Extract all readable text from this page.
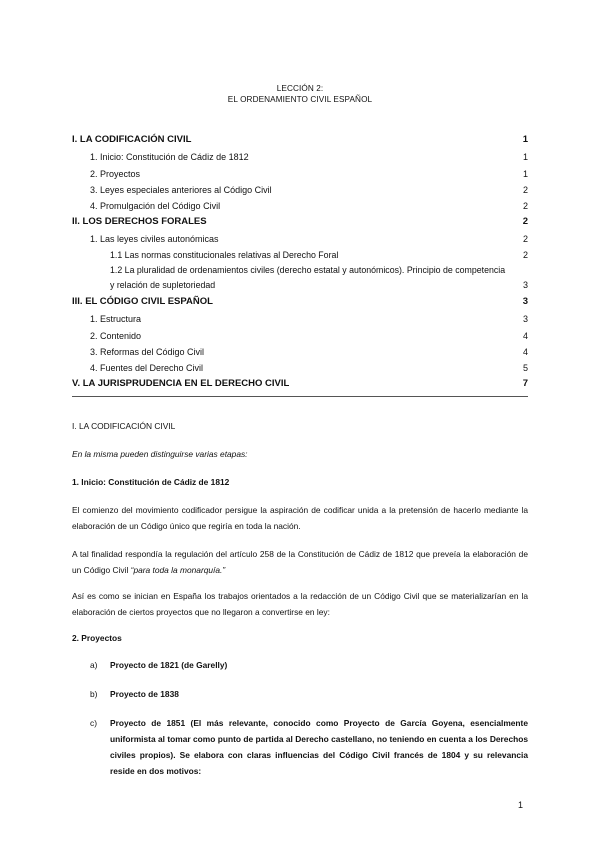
LECCIÓN 2:
EL ORDENAMIENTO CIVIL ESPAÑOL
I. LA CODIFICACIÓN CIVIL	1
1. Inicio: Constitución de Cádiz de 1812	1
2. Proyectos	1
3. Leyes especiales anteriores al Código Civil	2
4. Promulgación del Código Civil	2
II. LOS DERECHOS FORALES	2
1. Las leyes civiles autonómicas	2
1.1 Las normas constitucionales relativas al Derecho Foral	2
1.2 La pluralidad de ordenamientos civiles (derecho estatal y autonómicos). Principio de competencia y relación de supletoriedad	3
III. EL CÓDIGO CIVIL ESPAÑOL	3
1. Estructura	3
2. Contenido	4
3. Reformas del Código Civil	4
4. Fuentes del Derecho Civil	5
V. LA JURISPRUDENCIA EN EL DERECHO CIVIL	7
I. LA CODIFICACIÓN CIVIL
En la misma pueden distinguirse varias etapas:
1. Inicio: Constitución de Cádiz de 1812
El comienzo del movimiento codificador persigue la aspiración de codificar unida a la pretensión de hacerlo mediante la elaboración de un Código único que regiría en toda la nación.
A tal finalidad respondía la regulación del artículo 258 de la Constitución de Cádiz de 1812 que preveía la elaboración de un Código Civil “para toda la monarquía.”
Así es como se inician en España los trabajos orientados a la redacción de un Código Civil que se materializarían en la elaboración de ciertos proyectos que no llegaron a convertirse en ley:
2. Proyectos
a) Proyecto de 1821 (de Garelly)
b) Proyecto de 1838
c) Proyecto de 1851 (El más relevante, conocido como Proyecto de García Goyena, esencialmente uniformista al tomar como punto de partida al Derecho castellano, no teniendo en cuenta a los Derechos civiles propios). Se elabora con claras influencias del Código Civil francés de 1804 y su relevancia reside en dos motivos:
1
